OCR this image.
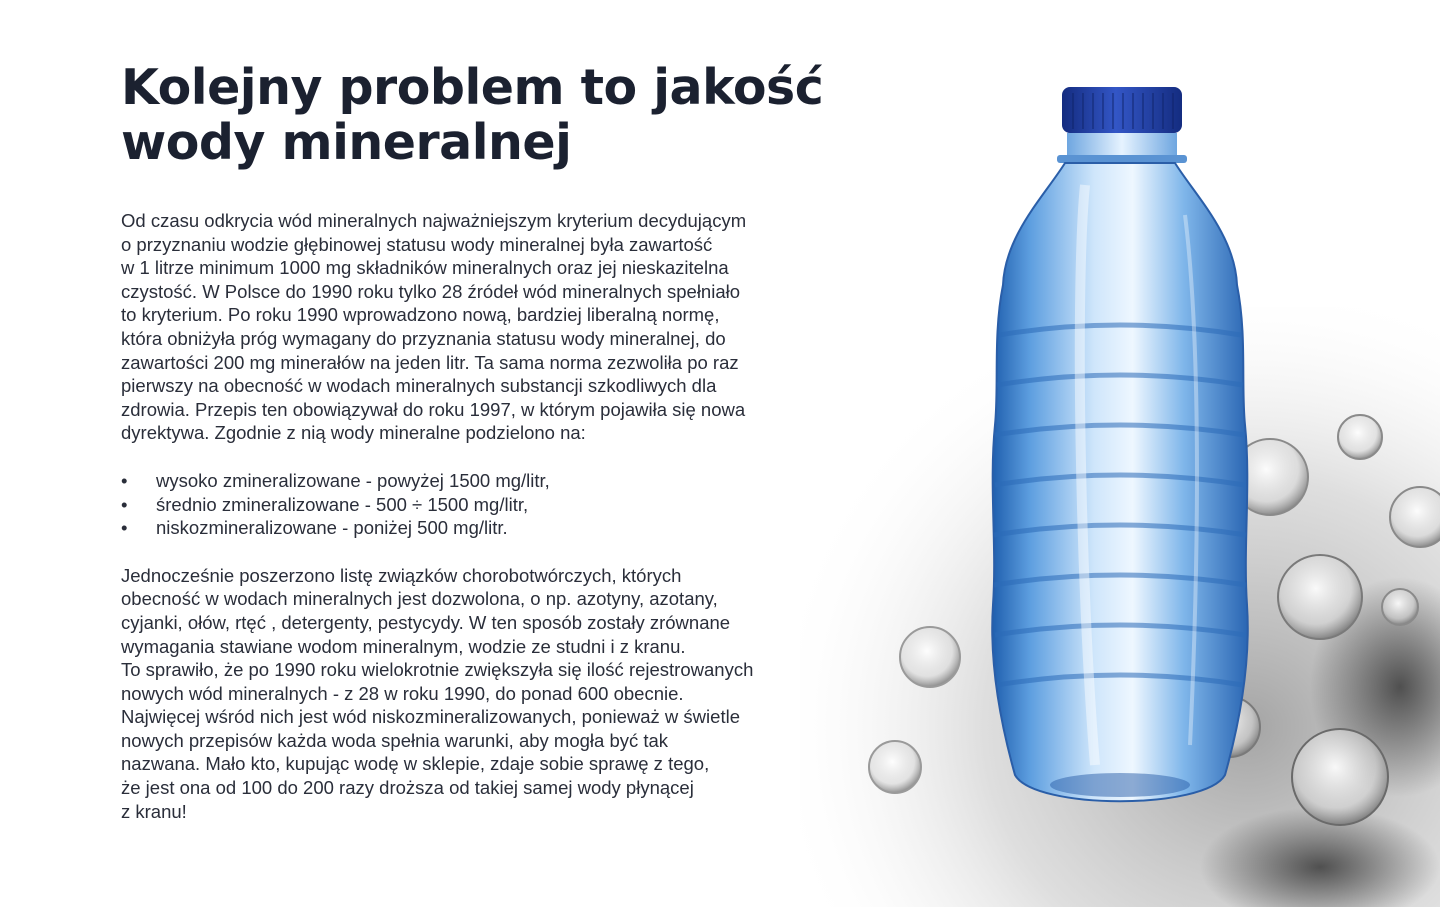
Kolejny problem to jakość
wody mineralnej

Od czasu odkrycia wód mineralnych najważniejszym kryterium decydującym
o przyznaniu wodzie głębinowej statusu wody mineralnej była zawartość
w 1 litrze minimum 1000 mg składników mineralnych oraz jej nieskazitelna
czystość. W Polsce do 1990 roku tylko 28 źródeł wód mineralnych spełniało
to kryterium. Po roku 1990 wprowadzono nową, bardziej liberalną normę,
która obniżyła próg wymagany do przyznania statusu wody mineralnej, do
zawartości 200 mg minerałów na jeden litr. Ta sama norma zezwoliła po raz
pierwszy na obecność w wodach mineralnych substancji szkodliwych dla
zdrowia. Przepis ten obowiązywał do roku 1997, w którym pojawiła się nowa
dyrektywa. Zgodnie z nią wody mineralne podzielono na:

• wysoko zmineralizowane - powyżej 1500 mg/litr,
• średnio zmineralizowane - 500 ÷ 1500 mg/litr,
• niskozmineralizowane - poniżej 500 mg/litr.

Jednocześnie poszerzono listę związków chorobotwórczych, których
obecność w wodach mineralnych jest dozwolona, o np. azotyny, azotany,
cyjanki, ołów, rtęć , detergenty, pestycydy. W ten sposób zostały zrównane
wymagania stawiane wodom mineralnym, wodzie ze studni i z kranu.
To sprawiło, że po 1990 roku wielokrotnie zwiększyła się ilość rejestrowanych
nowych wód mineralnych - z 28 w roku 1990, do ponad 600 obecnie.
Najwięcej wśród nich jest wód niskozmineralizowanych, ponieważ w świetle
nowych przepisów każda woda spełnia warunki, aby mogła być tak
nazwana. Mało kto, kupując wodę w sklepie, zdaje sobie sprawę z tego,
że jest ona od 100 do 200 razy droższa od takiej samej wody płynącej
z kranu!
